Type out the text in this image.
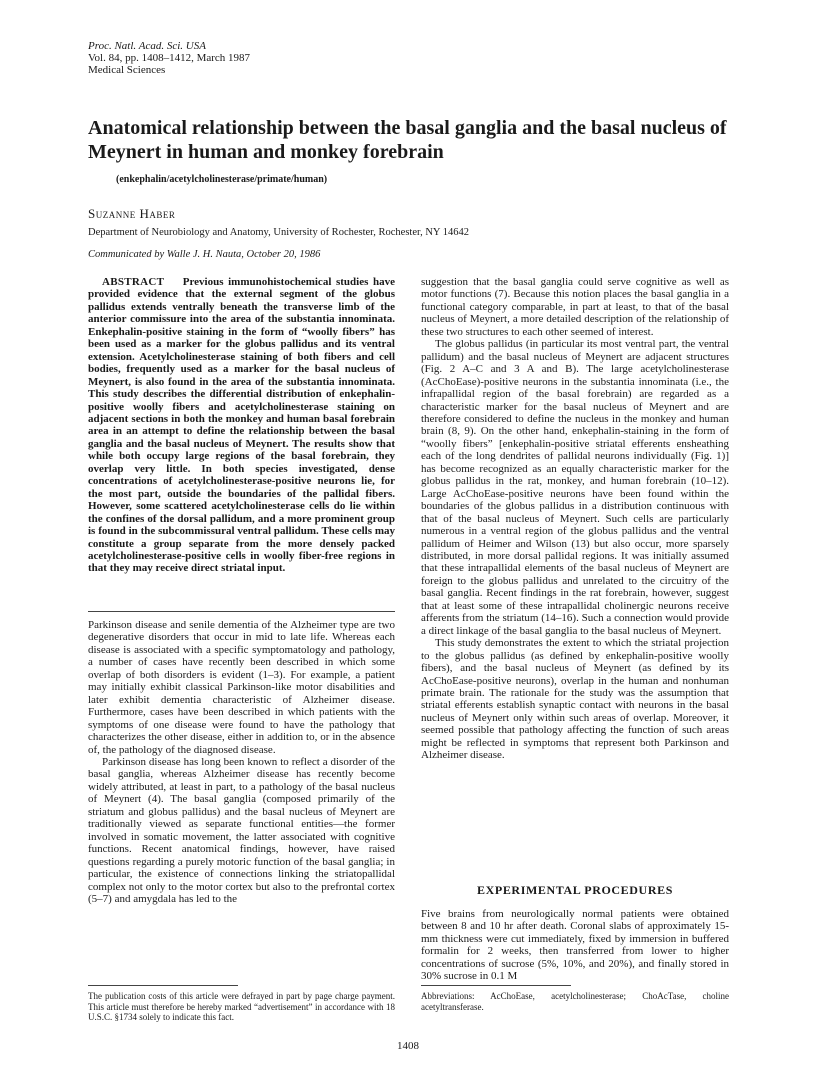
Proc. Natl. Acad. Sci. USA
Vol. 84, pp. 1408–1412, March 1987
Medical Sciences
Anatomical relationship between the basal ganglia and the basal nucleus of Meynert in human and monkey forebrain
(enkephalin/acetylcholinesterase/primate/human)
Suzanne Haber
Department of Neurobiology and Anatomy, University of Rochester, Rochester, NY 14642
Communicated by Walle J. H. Nauta, October 20, 1986

ABSTRACT Previous immunohistochemical studies have provided evidence that the external segment of the globus pallidus extends ventrally beneath the transverse limb of the anterior commissure into the area of the substantia innominata. Enkephalin-positive staining in the form of “woolly fibers” has been used as a marker for the globus pallidus and its ventral extension. Acetylcholinesterase staining of both fibers and cell bodies, frequently used as a marker for the basal nucleus of Meynert, is also found in the area of the substantia innominata. This study describes the differential distribution of enkephalin-positive woolly fibers and acetylcholinesterase staining on adjacent sections in both the monkey and human basal forebrain area in an attempt to define the relationship between the basal ganglia and the basal nucleus of Meynert. The results show that while both occupy large regions of the basal forebrain, they overlap very little. In both species investigated, dense concentrations of acetylcholinesterase-positive neurons lie, for the most part, outside the boundaries of the pallidal fibers. However, some scattered acetylcholinesterase cells do lie within the confines of the dorsal pallidum, and a more prominent group is found in the subcommissural ventral pallidum. These cells may constitute a group separate from the more densely packed acetylcholinesterase-positive cells in woolly fiber-free regions in that they may receive direct striatal input.

Parkinson disease and senile dementia of the Alzheimer type are two degenerative disorders that occur in mid to late life. Whereas each disease is associated with a specific symptomatology and pathology, a number of cases have recently been described in which some overlap of both disorders is evident (1–3). For example, a patient may initially exhibit classical Parkinson-like motor disabilities and later exhibit dementia characteristic of Alzheimer disease. Furthermore, cases have been described in which patients with the symptoms of one disease were found to have the pathology that characterizes the other disease, either in addition to, or in the absence of, the pathology of the diagnosed disease.

Parkinson disease has long been known to reflect a disorder of the basal ganglia, whereas Alzheimer disease has recently become widely attributed, at least in part, to a pathology of the basal nucleus of Meynert (4). The basal ganglia (composed primarily of the striatum and globus pallidus) and the basal nucleus of Meynert are traditionally viewed as separate functional entities—the former involved in somatic movement, the latter associated with cognitive functions. Recent anatomical findings, however, have raised questions regarding a purely motoric function of the basal ganglia; in particular, the existence of connections linking the striatopallidal complex not only to the motor cortex but also to the prefrontal cortex (5–7) and amygdala has led to the

The publication costs of this article were defrayed in part by page charge payment. This article must therefore be hereby marked “advertisement” in accordance with 18 U.S.C. §1734 solely to indicate this fact.

suggestion that the basal ganglia could serve cognitive as well as motor functions (7). Because this notion places the basal ganglia in a functional category comparable, in part at least, to that of the basal nucleus of Meynert, a more detailed description of the relationship of these two structures to each other seemed of interest.

The globus pallidus (in particular its most ventral part, the ventral pallidum) and the basal nucleus of Meynert are adjacent structures (Fig. 2 A–C and 3 A and B). The large acetylcholinesterase (AcChoEase)-positive neurons in the substantia innominata (i.e., the infrapallidal region of the basal forebrain) are regarded as a characteristic marker for the basal nucleus of Meynert and are therefore considered to define the nucleus in the monkey and human brain (8, 9). On the other hand, enkephalin-staining in the form of “woolly fibers” [enkephalin-positive striatal efferents ensheathing each of the long dendrites of pallidal neurons individually (Fig. 1)] has become recognized as an equally characteristic marker for the globus pallidus in the rat, monkey, and human forebrain (10–12). Large AcChoEase-positive neurons have been found within the boundaries of the globus pallidus in a distribution continuous with that of the basal nucleus of Meynert. Such cells are particularly numerous in a ventral region of the globus pallidus and the ventral pallidum of Heimer and Wilson (13) but also occur, more sparsely distributed, in more dorsal pallidal regions. It was initially assumed that these intrapallidal elements of the basal nucleus of Meynert are foreign to the globus pallidus and unrelated to the circuitry of the basal ganglia. Recent findings in the rat forebrain, however, suggest that at least some of these intrapallidal cholinergic neurons receive afferents from the striatum (14–16). Such a connection would provide a direct linkage of the basal ganglia to the basal nucleus of Meynert.

This study demonstrates the extent to which the striatal projection to the globus pallidus (as defined by enkephalin-positive woolly fibers), and the basal nucleus of Meynert (as defined by its AcChoEase-positive neurons), overlap in the human and nonhuman primate brain. The rationale for the study was the assumption that striatal efferents establish synaptic contact with neurons in the basal nucleus of Meynert only within such areas of overlap. Moreover, it seemed possible that pathology affecting the function of such areas might be reflected in symptoms that represent both Parkinson and Alzheimer disease.

EXPERIMENTAL PROCEDURES

Five brains from neurologically normal patients were obtained between 8 and 10 hr after death. Coronal slabs of approximately 15-mm thickness were cut immediately, fixed by immersion in buffered formalin for 2 weeks, then transferred from lower to higher concentrations of sucrose (5%, 10%, and 20%), and finally stored in 30% sucrose in 0.1 M

Abbreviations: AcChoEase, acetylcholinesterase; ChoAcTase, choline acetyltransferase.
1408
